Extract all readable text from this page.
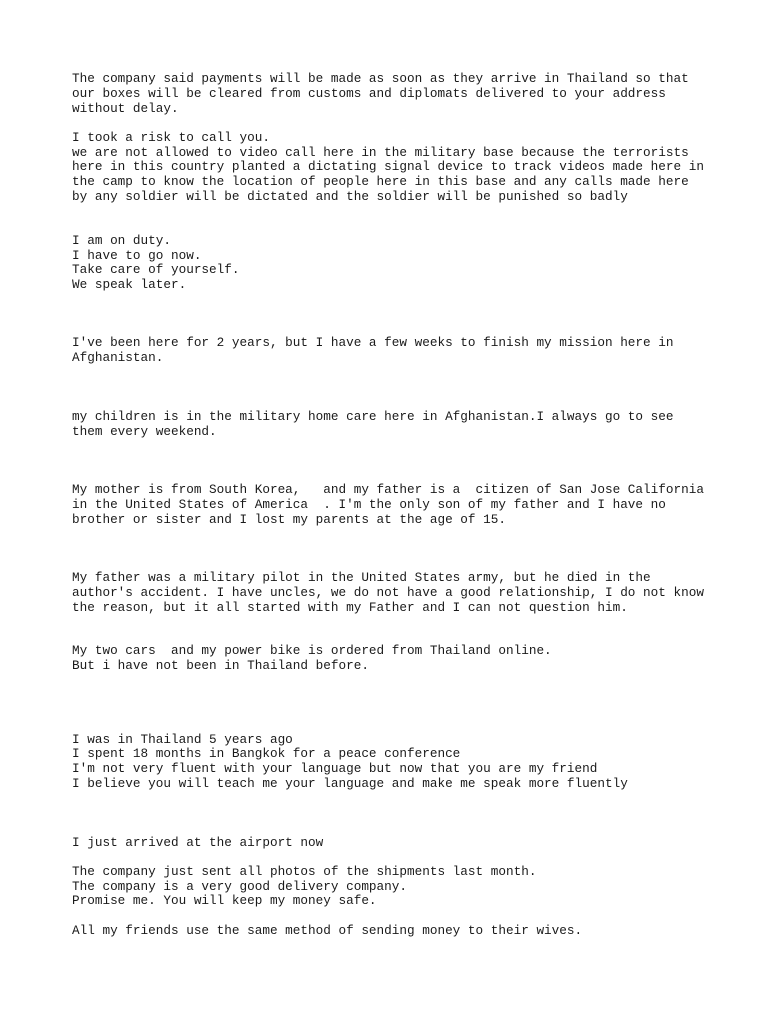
The company said payments will be made as soon as they arrive in Thailand so that
our boxes will be cleared from customs and diplomats delivered to your address
without delay.
I took a risk to call you.
we are not allowed to video call here in the military base because the terrorists
here in this country planted a dictating signal device to track videos made here in
the camp to know the location of people here in this base and any calls made here
by any soldier will be dictated and the soldier will be punished so badly
I am on duty.
I have to go now.
Take care of yourself.
We speak later.
I've been here for 2 years, but I have a few weeks to finish my mission here in
Afghanistan.
my children is in the military home care here in Afghanistan.I always go to see
them every weekend.
My mother is from South Korea,   and my father is a  citizen of San Jose California
in the United States of America  . I'm the only son of my father and I have no
brother or sister and I lost my parents at the age of 15.
My father was a military pilot in the United States army, but he died in the
author's accident. I have uncles, we do not have a good relationship, I do not know
the reason, but it all started with my Father and I can not question him.
My two cars  and my power bike is ordered from Thailand online.
But i have not been in Thailand before.
I was in Thailand 5 years ago
I spent 18 months in Bangkok for a peace conference
I'm not very fluent with your language but now that you are my friend
I believe you will teach me your language and make me speak more fluently
I just arrived at the airport now
The company just sent all photos of the shipments last month.
The company is a very good delivery company.
Promise me. You will keep my money safe.
All my friends use the same method of sending money to their wives.
